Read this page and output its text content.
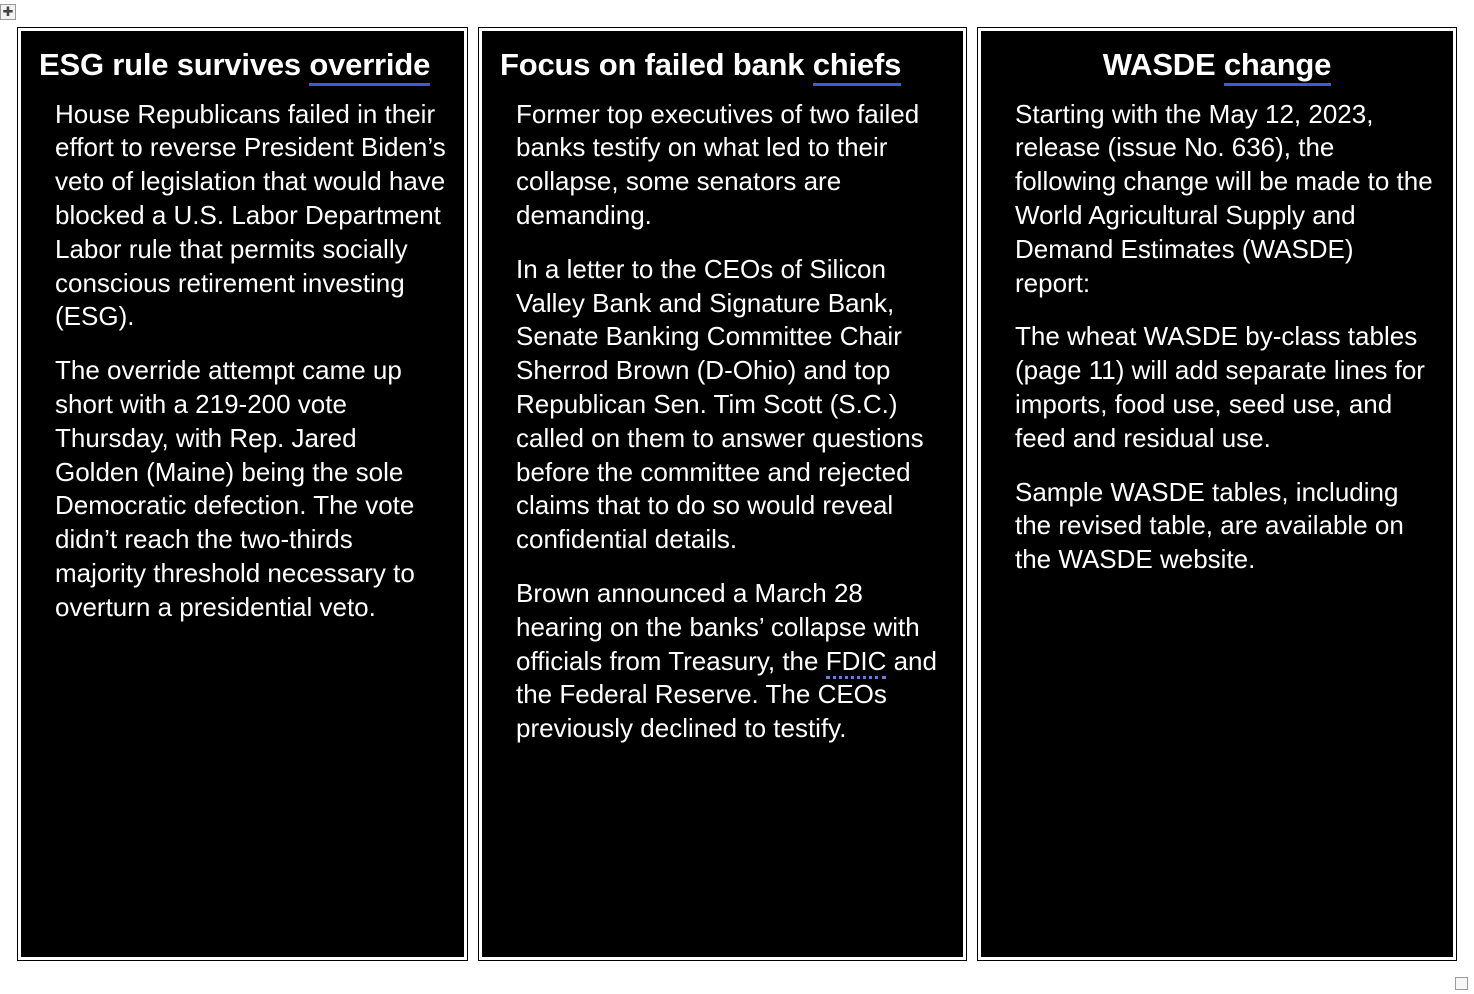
✚
ESG rule survives override

House Republicans failed in their effort to reverse President Biden’s veto of legislation that would have blocked a U.S. Labor Department Labor rule that permits socially conscious retirement investing (ESG).

The override attempt came up short with a 219-200 vote Thursday, with Rep. Jared Golden (Maine) being the sole Democratic defection. The vote didn’t reach the two-thirds majority threshold necessary to overturn a presidential veto.

Focus on failed bank chiefs

Former top executives of two failed banks testify on what led to their collapse, some senators are demanding.

In a letter to the CEOs of Silicon Valley Bank and Signature Bank, Senate Banking Committee Chair Sherrod Brown (D-Ohio) and top Republican Sen. Tim Scott (S.C.) called on them to answer questions before the committee and rejected claims that to do so would reveal confidential details.

Brown announced a March 28 hearing on the banks’ collapse with officials from Treasury, the FDIC and the Federal Reserve. The CEOs previously declined to testify.

WASDE change

Starting with the May 12, 2023, release (issue No. 636), the following change will be made to the World Agricultural Supply and Demand Estimates (WASDE) report:

The wheat WASDE by-class tables (page 11) will add separate lines for imports, food use, seed use, and feed and residual use.

Sample WASDE tables, including the revised table, are available on the WASDE website.
